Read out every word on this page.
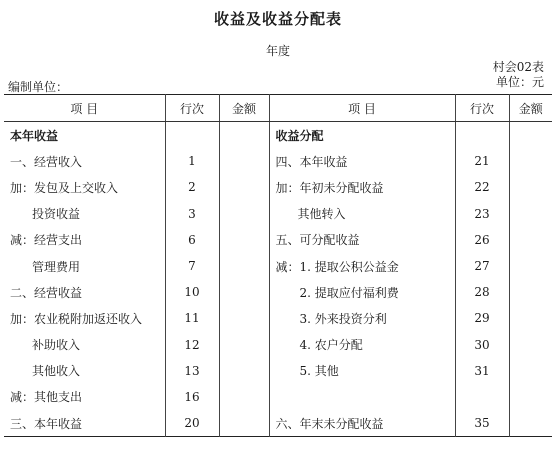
收益及收益分配表
年度
村会02表
编制单位：	单位：元
项 目	行次	金额	项 目	行次	金额
本年收益			收益分配		
一、经营收入	1		四、本年收益	21	
加：发包及上交收入	2		加：年初未分配收益	22	
投资收益	3		其他转入	23	
减：经营支出	6		五、可分配收益	26	
管理费用	7		减：1. 提取公积公益金	27	
二、经营收益	10		2. 提取应付福利费	28	
加：农业税附加返还收入	11		3. 外来投资分利	29	
补助收入	12		4. 农户分配	30	
其他收入	13		5. 其他	31	
减：其他支出	16				
三、本年收益	20		六、年末未分配收益	35	
